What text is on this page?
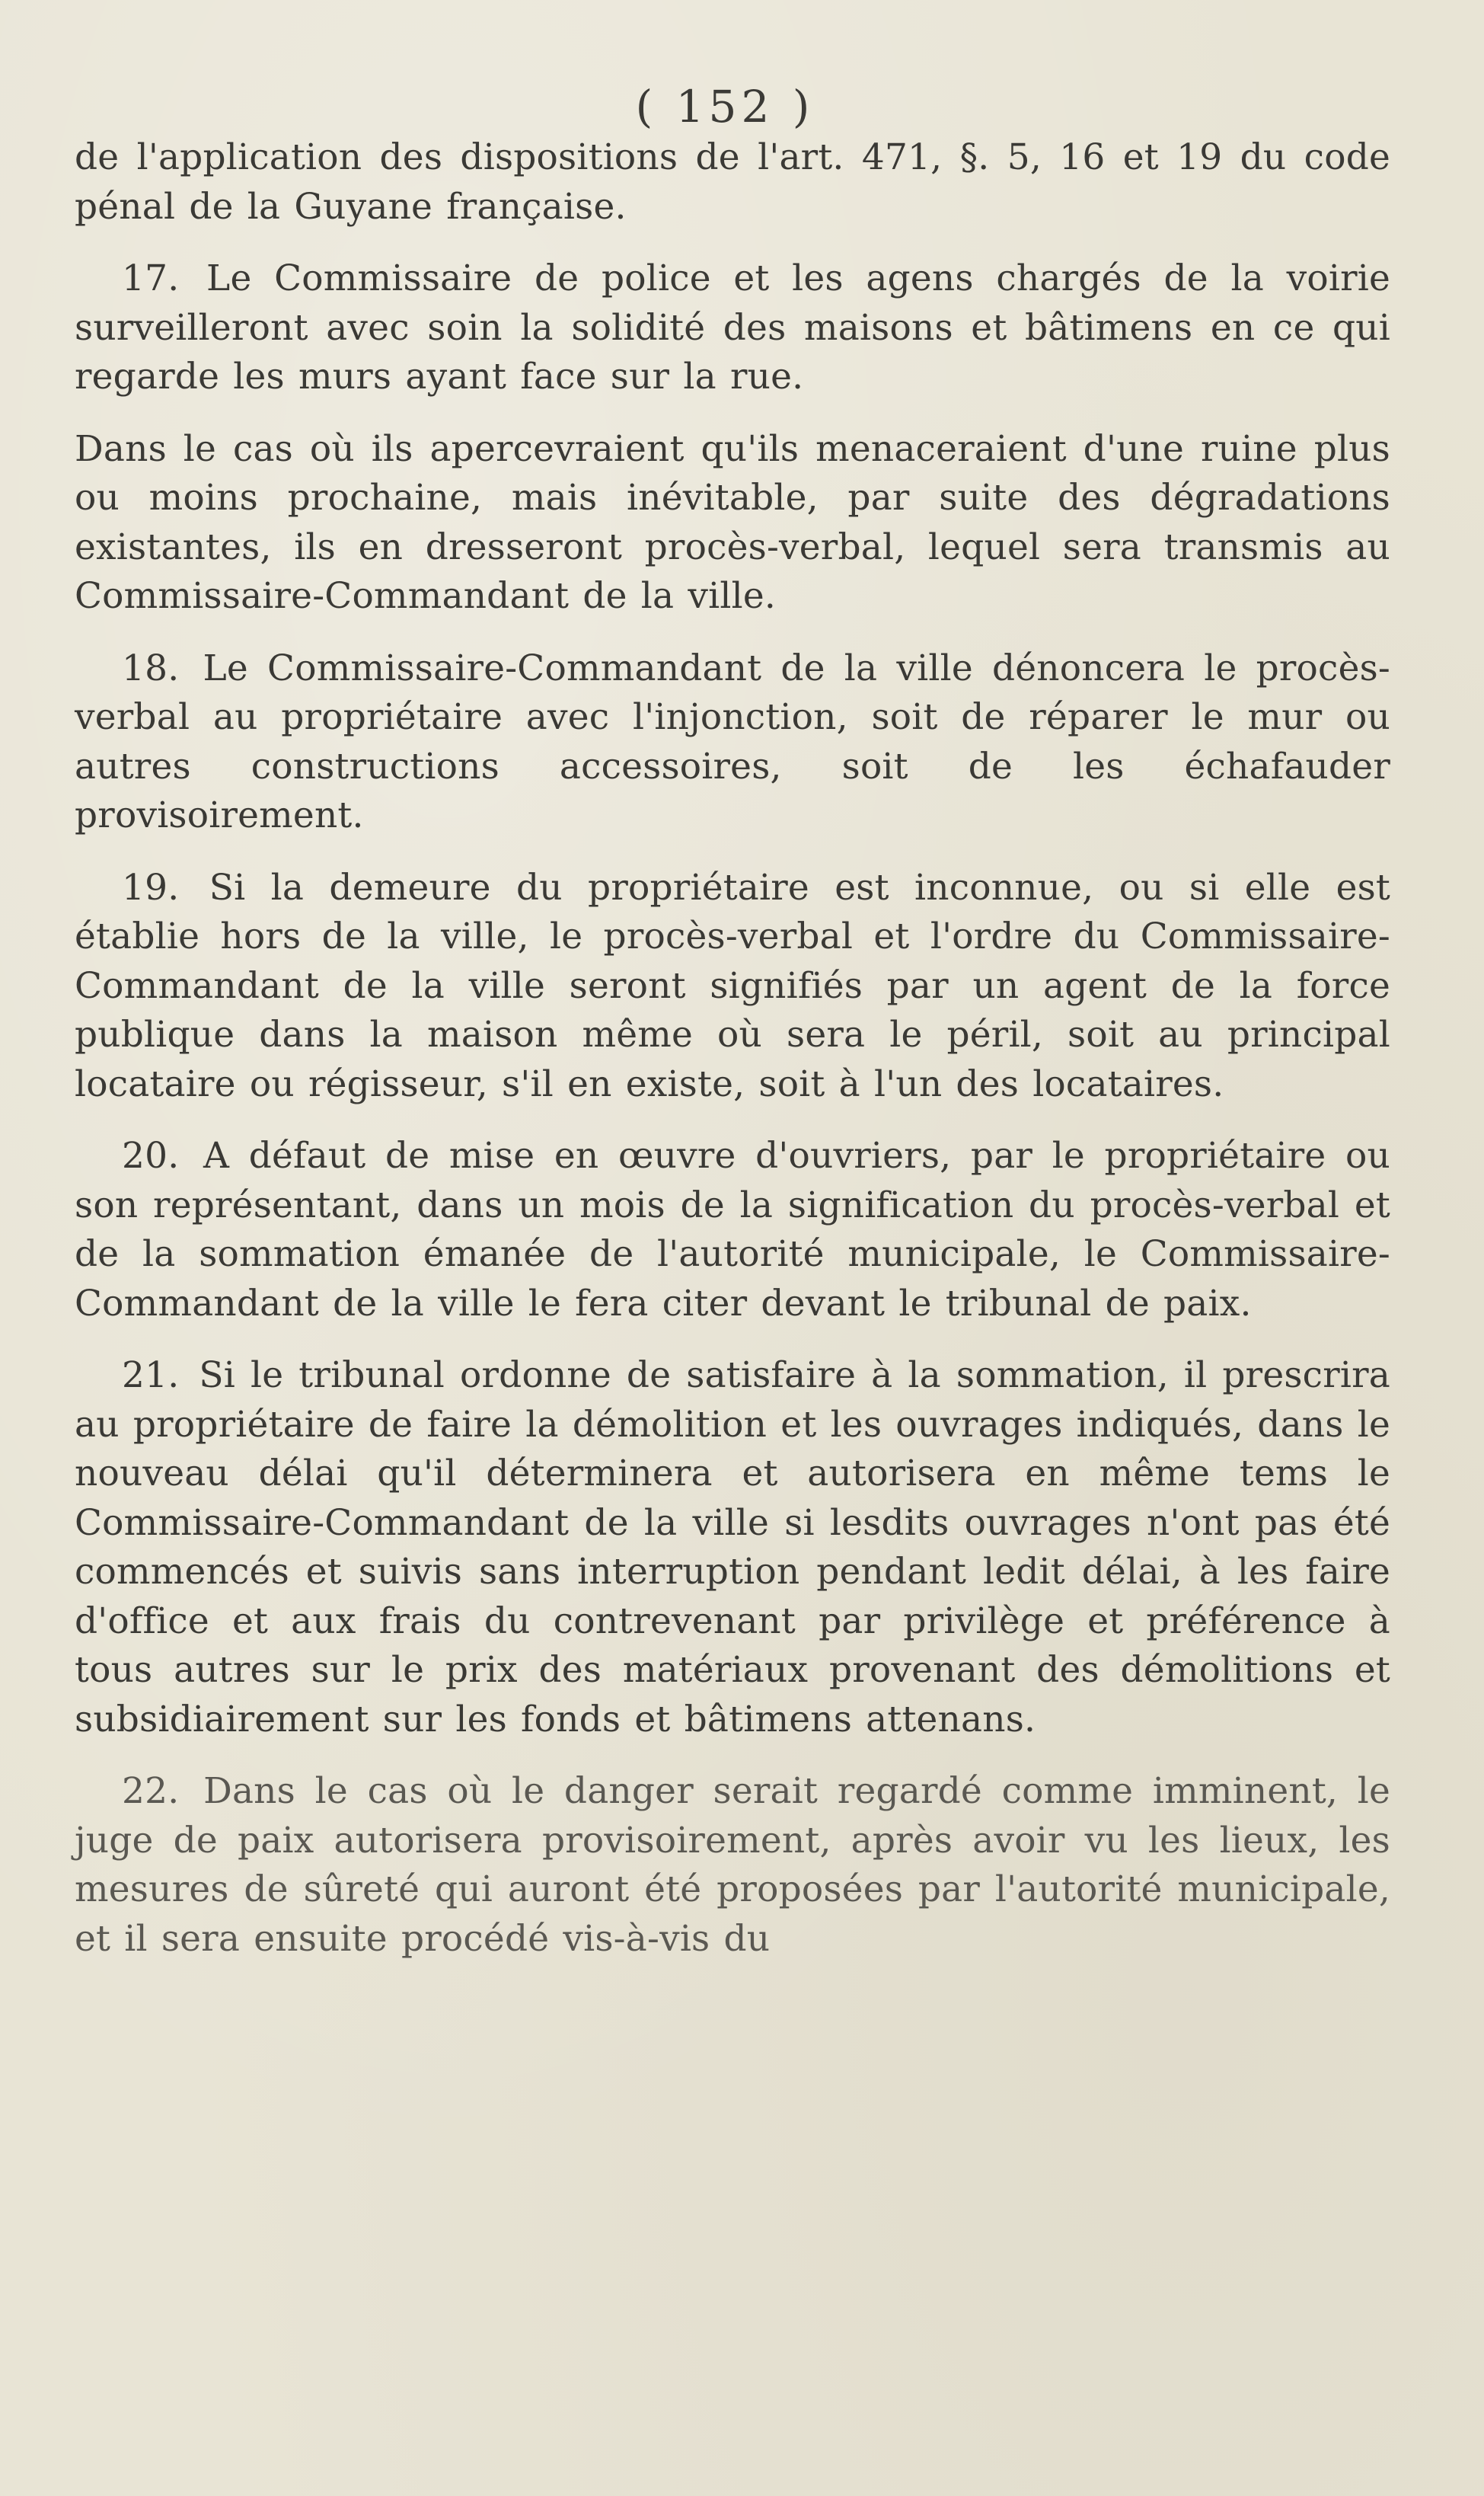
( 152 )

de l'application des dispositions de l'art. 471, §. 5, 16 et 19 du code pénal de la Guyane française.

17. Le Commissaire de police et les agens chargés de la voirie surveilleront avec soin la solidité des maisons et bâtimens en ce qui regarde les murs ayant face sur la rue.

Dans le cas où ils apercevraient qu'ils menaceraient d'une ruine plus ou moins prochaine, mais inévitable, par suite des dégradations existantes, ils en dresseront procès-verbal, lequel sera transmis au Commissaire-Commandant de la ville.

18. Le Commissaire-Commandant de la ville dénoncera le procès-verbal au propriétaire avec l'injonction, soit de réparer le mur ou autres constructions accessoires, soit de les échafauder provisoirement.

19. Si la demeure du propriétaire est inconnue, ou si elle est établie hors de la ville, le procès-verbal et l'ordre du Commissaire-Commandant de la ville seront signifiés par un agent de la force publique dans la maison même où sera le péril, soit au principal locataire ou régisseur, s'il en existe, soit à l'un des locataires.

20. A défaut de mise en œuvre d'ouvriers, par le propriétaire ou son représentant, dans un mois de la signification du procès-verbal et de la sommation émanée de l'autorité municipale, le Commissaire-Commandant de la ville le fera citer devant le tribunal de paix.

21. Si le tribunal ordonne de satisfaire à la sommation, il prescrira au propriétaire de faire la démolition et les ouvrages indiqués, dans le nouveau délai qu'il déterminera et autorisera en même tems le Commissaire-Commandant de la ville si lesdits ouvrages n'ont pas été commencés et suivis sans interruption pendant ledit délai, à les faire d'office et aux frais du contrevenant par privilège et préférence à tous autres sur le prix des matériaux provenant des démolitions et subsidiairement sur les fonds et bâtimens attenans.

22. Dans le cas où le danger serait regardé comme imminent, le juge de paix autorisera provisoirement, après avoir vu les lieux, les mesures de sûreté qui auront été proposées par l'autorité municipale, et il sera ensuite procédé vis-à-vis du
